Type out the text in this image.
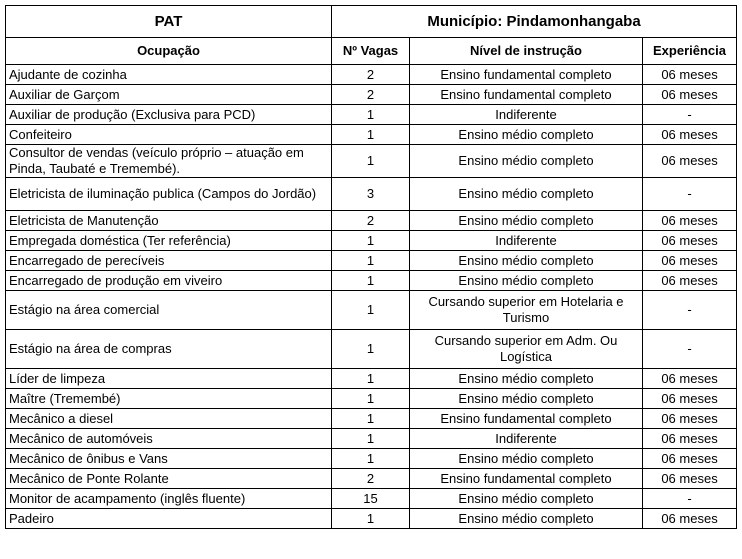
PAT	Município: Pindamonhangaba		
Ocupação	Nº Vagas	Nível de instrução	Experiência
Ajudante de cozinha	2	Ensino fundamental completo	06 meses
Auxiliar de Garçom	2	Ensino fundamental completo	06 meses
Auxiliar de produção (Exclusiva para PCD)	1	Indiferente	-
Confeiteiro	1	Ensino médio completo	06 meses
Consultor de vendas (veículo próprio – atuação em Pinda, Taubaté e Tremembé).	1	Ensino médio completo	06 meses
Eletricista de iluminação publica (Campos do Jordão)	3	Ensino médio completo	-
Eletricista de Manutenção	2	Ensino médio completo	06 meses
Empregada doméstica (Ter referência)	1	Indiferente	06 meses
Encarregado de perecíveis	1	Ensino médio completo	06 meses
Encarregado de produção em viveiro	1	Ensino médio completo	06 meses
Estágio na área comercial	1	Cursando superior em Hotelaria e Turismo	-
Estágio na área de compras	1	Cursando superior em Adm. Ou Logística	-
Líder de limpeza	1	Ensino médio completo	06 meses
Maître (Tremembé)	1	Ensino médio completo	06 meses
Mecânico a diesel	1	Ensino fundamental completo	06 meses
Mecânico de automóveis	1	Indiferente	06 meses
Mecânico de ônibus e Vans	1	Ensino médio completo	06 meses
Mecânico de Ponte Rolante	2	Ensino fundamental completo	06 meses
Monitor de acampamento (inglês fluente)	15	Ensino médio completo	-
Padeiro	1	Ensino médio completo	06 meses
